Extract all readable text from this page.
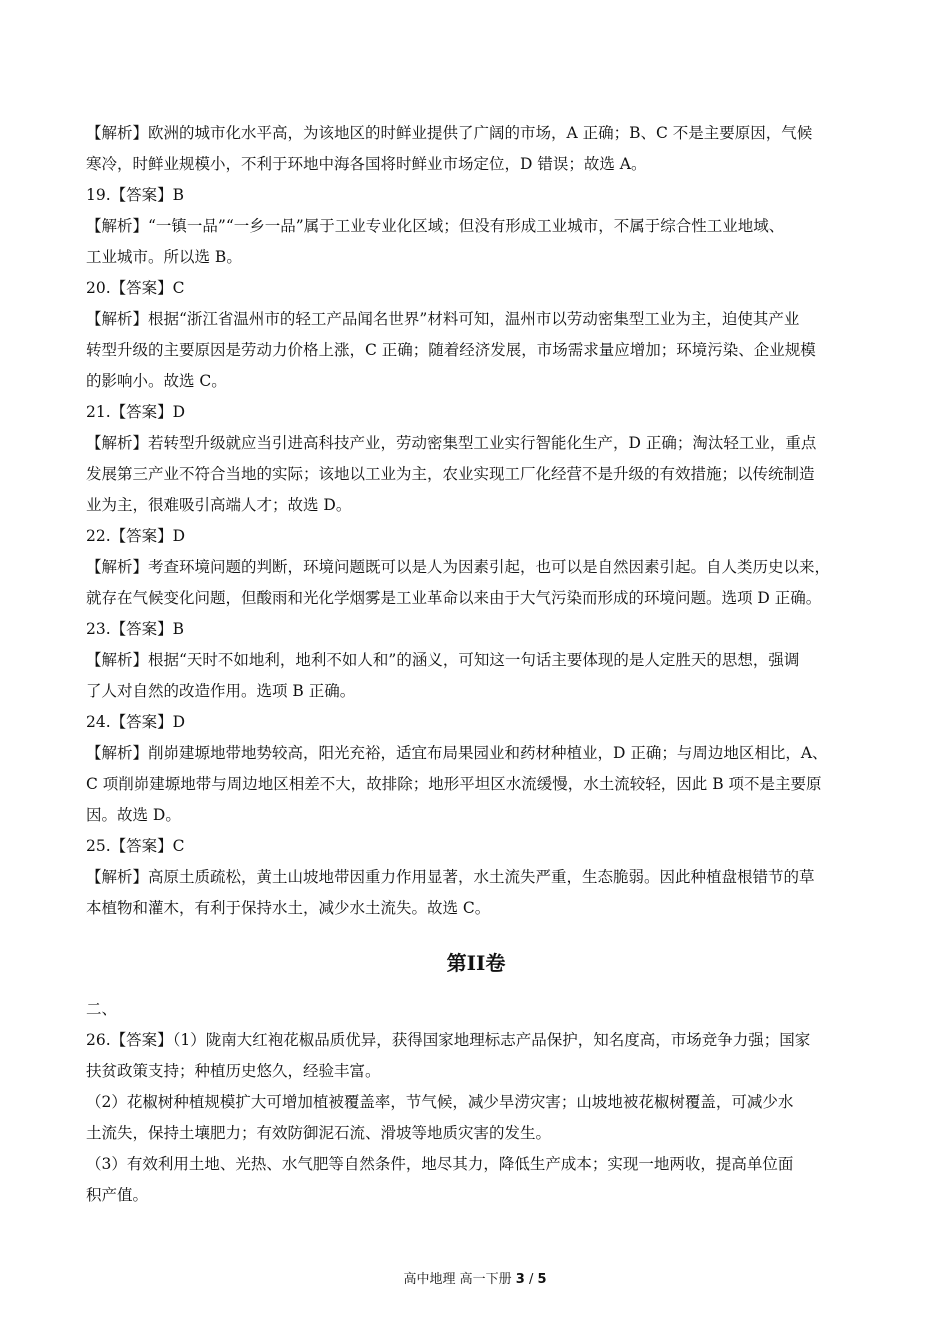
【解析】欧洲的城市化水平高，为该地区的时鲜业提供了广阔的市场，A 正确；B、C 不是主要原因，气候
寒冷，时鲜业规模小，不利于环地中海各国将时鲜业市场定位，D 错误；故选 A。
19.【答案】B
【解析】“一镇一品”“一乡一品”属于工业专业化区域；但没有形成工业城市，不属于综合性工业地域、
工业城市。所以选 B。
20.【答案】C
【解析】根据“浙江省温州市的轻工产品闻名世界”材料可知，温州市以劳动密集型工业为主，迫使其产业
转型升级的主要原因是劳动力价格上涨，C 正确；随着经济发展，市场需求量应增加；环境污染、企业规模
的影响小。故选 C。
21.【答案】D
【解析】若转型升级就应当引进高科技产业，劳动密集型工业实行智能化生产，D 正确；淘汰轻工业，重点
发展第三产业不符合当地的实际；该地以工业为主，农业实现工厂化经营不是升级的有效措施；以传统制造
业为主，很难吸引高端人才；故选 D。
22.【答案】D
【解析】考查环境问题的判断，环境问题既可以是人为因素引起，也可以是自然因素引起。自人类历史以来，
就存在气候变化问题，但酸雨和光化学烟雾是工业革命以来由于大气污染而形成的环境问题。选项 D 正确。
23.【答案】B
【解析】根据“天时不如地利，地利不如人和”的涵义，可知这一句话主要体现的是人定胜天的思想，强调
了人对自然的改造作用。选项 B 正确。
24.【答案】D
【解析】削峁建塬地带地势较高，阳光充裕，适宜布局果园业和药材种植业，D 正确；与周边地区相比，A、
C 项削峁建塬地带与周边地区相差不大，故排除；地形平坦区水流缓慢，水土流较轻，因此 B 项不是主要原
因。故选 D。
25.【答案】C
【解析】高原土质疏松，黄土山坡地带因重力作用显著，水土流失严重，生态脆弱。因此种植盘根错节的草
本植物和灌木，有利于保持水土，减少水土流失。故选 C。
第II卷
二、
26.【答案】（1）陇南大红袍花椒品质优异，获得国家地理标志产品保护，知名度高，市场竞争力强；国家
扶贫政策支持；种植历史悠久，经验丰富。
（2）花椒树种植规模扩大可增加植被覆盖率，节气候，减少旱涝灾害；山坡地被花椒树覆盖，可减少水
土流失，保持土壤肥力；有效防御泥石流、滑坡等地质灾害的发生。
（3）有效利用土地、光热、水气肥等自然条件，地尽其力，降低生产成本；实现一地两收，提高单位面
积产值。
高中地理 高一下册 3 / 5
